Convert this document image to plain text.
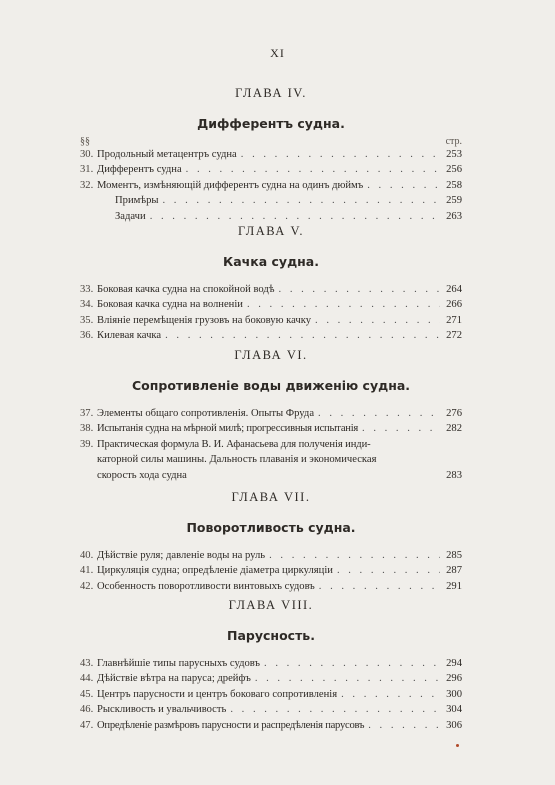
XI
ГЛАВА IV.
Дифферентъ судна.
§§	стр.
30. Продольный метацентръ судна . . .	253
31. Дифферентъ судна . . .	256
32. Моментъ, измѣняющій дифферентъ судна на одинъ дюймъ . . .	258
Примѣры . . .	259
Задачи . . .	263
ГЛАВА V.
Качка судна.
33. Боковая качка судна на спокойной водѣ . . .	264
34. Боковая качка судна на волненіи . . .	266
35. Вліяніе перемѣщенія грузовъ на боковую качку . . .	271
36. Килевая качка . . .	272
ГЛАВА VI.
Сопротивленіе воды движенію судна.
37. Элементы общаго сопротивленія. Опыты Фруда . . .	276
38. Испытанія судна на мѣрной милѣ; прогрессивныя испытанія . . .	282
39. Практическая формула В. И. Афанасьева для полученія инди-
каторной силы машины. Дальность плаванія и экономическая
скорость хода судна	283
ГЛАВА VII.
Поворотливость судна.
40. Дѣйствіе руля; давленіе воды на руль . . .	285
41. Циркуляція судна; опредѣленіе діаметра циркуляціи . . .	287
42. Особенность поворотливости винтовыхъ судовъ . . .	291
ГЛАВА VIII.
Парусность.
43. Главнѣйшіе типы парусныхъ судовъ . . .	294
44. Дѣйствіе вѣтра на паруса; дрейфъ . . .	296
45. Центръ парусности и центръ боковаго сопротивленія . . .	300
46. Рыскливость и увальчивость . . .	304
47. Опредѣленіе размѣровъ парусности и распредѣленія парусовъ . . .	306
